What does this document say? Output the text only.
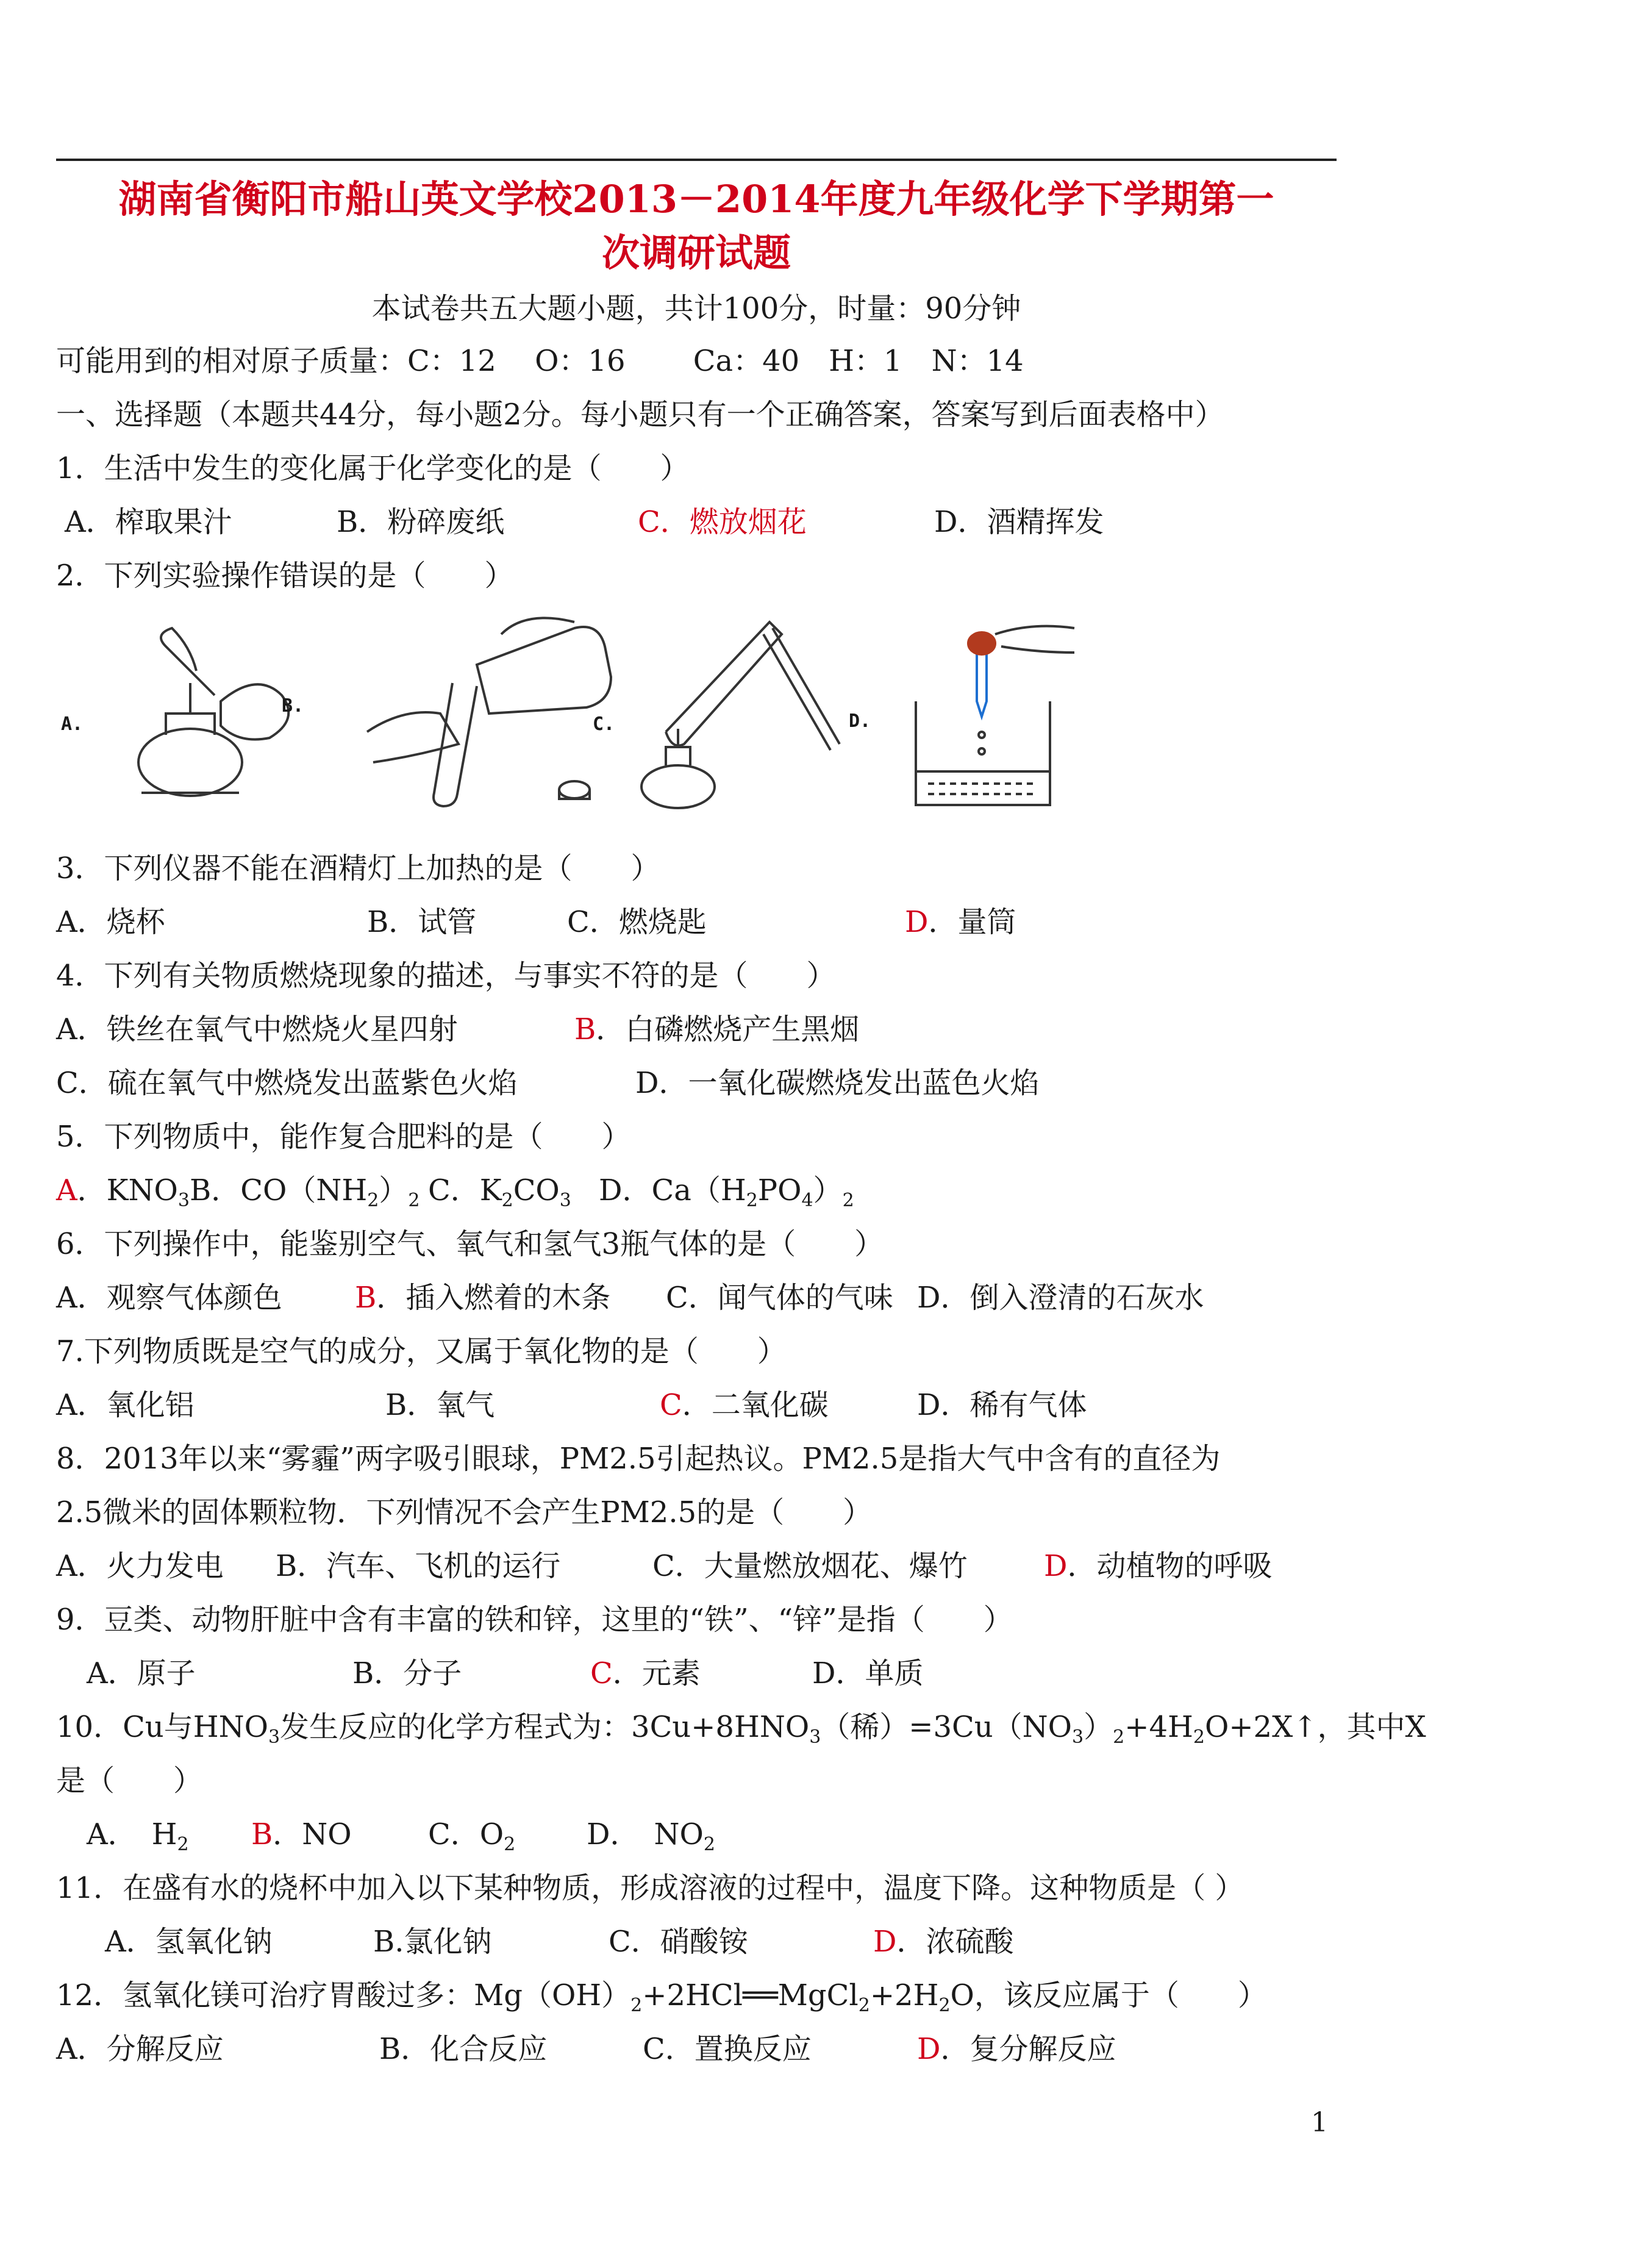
湖南省衡阳市船山英文学校2013－2014年度九年级化学下学期第一
次调研试题
本试卷共五大题小题，共计100分，时量：90分钟
可能用到的相对原子质量：C：12　 O：16　　 Ca：40　H：1　N：14
一、选择题（本题共44分，每小题2分。每小题只有一个正确答案，答案写到后面表格中）
1．生活中发生的变化属于化学变化的是（　　）
A．榨取果汁	B．粉碎废纸	C．燃放烟花	D．酒精挥发
2．下列实验操作错误的是（　　）
A.
B.
C.	D.
3．下列仪器不能在酒精灯上加热的是（　　）
A．烧杯	B．试管	C．燃烧匙	D．量筒
4．下列有关物质燃烧现象的描述，与事实不符的是（　　）
A．铁丝在氧气中燃烧火星四射	B．白磷燃烧产生黑烟
C．硫在氧气中燃烧发出蓝紫色火焰	D．一氧化碳燃烧发出蓝色火焰
5．下列物质中，能作复合肥料的是（　　）
A．$KNO_3B$．$CO(NH_2)_2$ C．$K_2CO_3$ D．$Ca(H_2PO_4)_2$
6．下列操作中，能鉴别空气、氧气和氢气3瓶气体的是（　　）
A．观察气体颜色 B．插入燃着的木条 C．闻气体的气味 D．倒入澄清的石灰水
7.下列物质既是空气的成分，又属于氧化物的是（　　）
A．氧化铝	B．氧气	C．二氧化碳	D．稀有气体
8．2013年以来“雾霾”两字吸引眼球，PM2.5引起热议。PM2.5是指大气中含有的直径为
2.5微米的固体颗粒物．下列情况不会产生PM2.5的是（　　）
A．火力发电 B．汽车、飞机的运行	C．大量燃放烟花、爆竹	D．动植物的呼吸
9．豆类、动物肝脏中含有丰富的铁和锌，这里的“铁”、“锌”是指（　　）
A．原子	B．分子	C．元素	D．单质
10．Cu与$HNO_3$发生反应的化学方程式为：$3Cu+8HNO_3$（稀）$=3Cu(NO_3)_2+4H_2O+2X↑$，其中X
是（　　）
A．　$H_2$ B．NO	C．$O_2$ D．　$NO_2$
11．在盛有水的烧杯中加入以下某种物质，形成溶液的过程中，温度下降。这种物质是（ ）
A．氢氧化钠	B.氯化钠	C．硝酸铵	D．浓硫酸
12．氢氧化镁可治疗胃酸过多：$Mg(OH)_2+2HCl══MgCl_2+2H_2O$，该反应属于（　　）
A．分解反应	B．化合反应	C．置换反应	D．复分解反应
1
